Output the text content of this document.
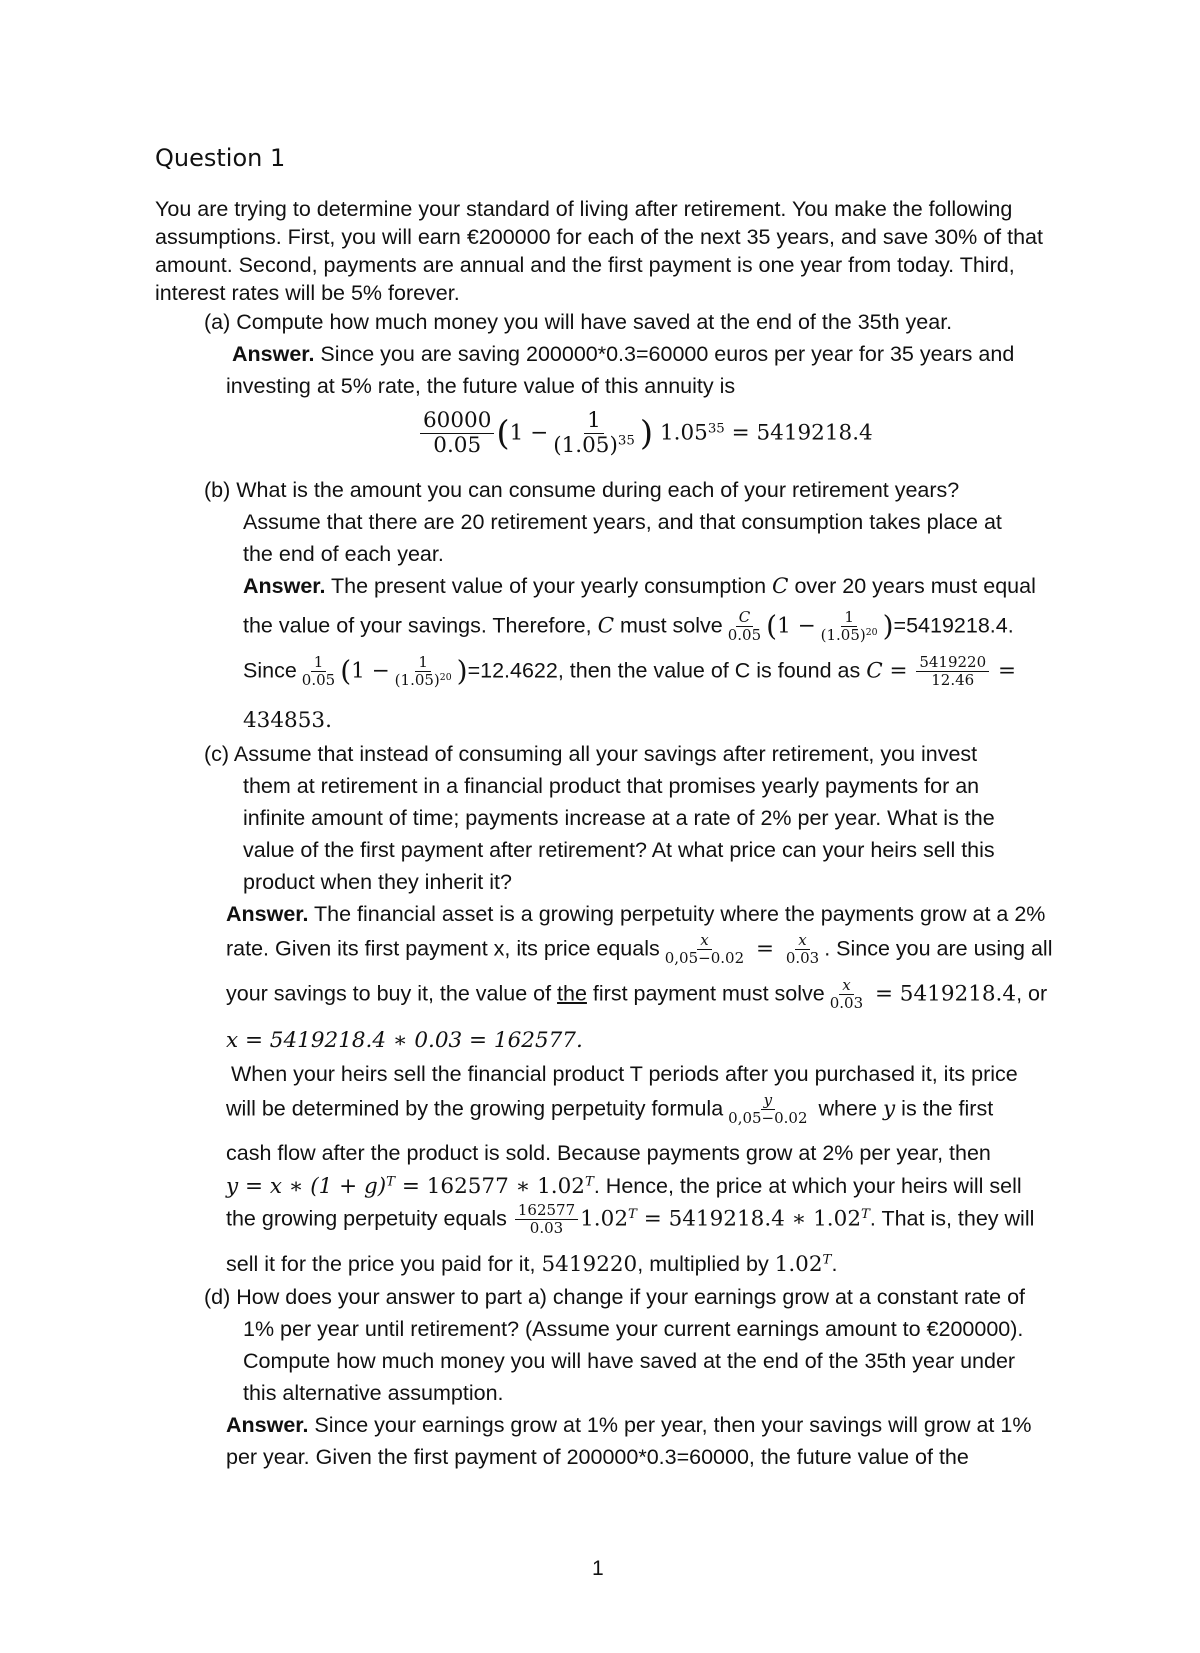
Question 1
You are trying to determine your standard of living after retirement. You make the following
assumptions. First, you will earn €200000 for each of the next 35 years, and save 30% of that
amount. Second, payments are annual and the first payment is one year from today. Third,
interest rates will be 5% forever.
(a) Compute how much money you will have saved at the end of the 35th year.
Answer. Since you are saving 200000*0.3=60000 euros per year for 35 years and
investing at 5% rate, the future value of this annuity is
$\frac{60000}{0.05} (1 - \frac{1}{(1.05)^{35}}$ ) $1.05^{35} = 5419218.4$
(b) What is the amount you can consume during each of your retirement years?
Assume that there are 20 retirement years, and that consumption takes place at
the end of each year.
Answer. The present value of your yearly consumption C over 20 years must equal
the value of your savings. Therefore, C must solve $\frac{C}{0.05} (1 - \frac{1}{(1.05)^{20}} )=5419218.4$.
Since $\frac{1}{0.05} (1 - \frac{1}{(1.05)^{20}} )=12.4622$, then the value of C is found as $C = \frac{5419220}{12.46}$ =
434853.
(c) Assume that instead of consuming all your savings after retirement, you invest
them at retirement in a financial product that promises yearly payments for an
infinite amount of time; payments increase at a rate of 2% per year. What is the
value of the first payment after retirement? At what price can your heirs sell this
product when they inherit it?
Answer. The financial asset is a growing perpetuity where the payments grow at a 2%
rate. Given its first payment x, its price equals $\frac{x}{0,05-0.02} = \frac{x}{0.03}$ . Since you are using all
your savings to buy it, the value of the first payment must solve $\frac{x}{0.03} = 5419218.4$, or
x = 5419218.4 ∗ 0.03 = 162577.
When your heirs sell the financial product T periods after you purchased it, its price
will be determined by the growing perpetuity formula $\frac{y}{0,05-0.02}$ where y is the first
cash flow after the product is sold. Because payments grow at 2% per year, then
y = x ∗ $(1 + g)^T = 162577$ ∗ $1.02^T$. Hence, the price at which your heirs will sell
the growing perpetuity equals $\frac{162577}{0.03} 1.02^T = 5419218.4$ ∗ $1.02^T$. That is, they will
sell it for the price you paid for it, 5419220, multiplied by $1.02^T$.
(d) How does your answer to part a) change if your earnings grow at a constant rate of
1% per year until retirement? (Assume your current earnings amount to €200000).
Compute how much money you will have saved at the end of the 35th year under
this alternative assumption.
Answer. Since your earnings grow at 1% per year, then your savings will grow at 1%
per year. Given the first payment of 200000*0.3=60000, the future value of the
1
